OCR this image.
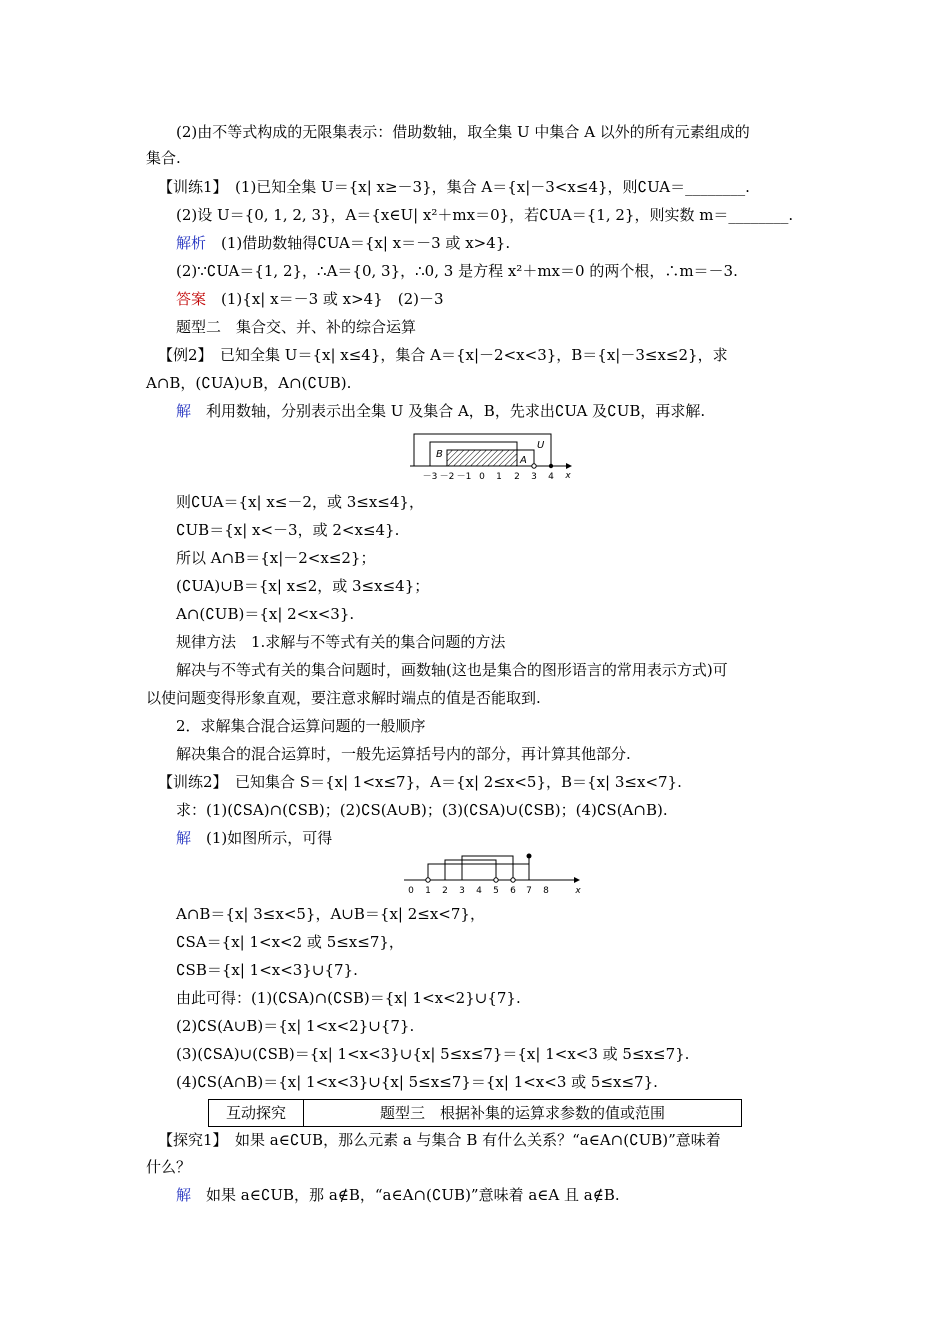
(2)由不等式构成的无限集表示：借助数轴，取全集 U 中集合 A 以外的所有元素组成的
集合.
【训练1】　(1)已知全集 U＝{x| x≥－3}，集合 A＝{x|－3<x≤4}，则∁UA＝________.
(2)设 U＝{0, 1, 2, 3}，A＝{x∈U| x²＋mx＝0}，若∁UA＝{1, 2}，则实数 m＝________.
解析　 (1)借助数轴得∁UA＝{x| x＝－3 或 x>4}.
(2)∵∁UA＝{1, 2}，∴A＝{0, 3}，∴0, 3 是方程 x²＋mx＝0 的两个根，∴m＝－3.
答案　 (1){x| x＝－3 或 x>4}　(2)－3
题型二　集合交、并、补的综合运算
【例2】　已知全集 U＝{x| x≤4}，集合 A＝{x|－2<x<3}，B＝{x|－3≤x≤2}，求
A∩B，(∁UA)∪B，A∩(∁UB).
解　 利用数轴，分别表示出全集 U 及集合 A，B，先求出∁UA 及∁UB，再求解.
B
A
U
－3 －2 －1 0 1 2 3 4 x
则∁UA＝{x| x≤－2，或 3≤x≤4}，
∁UB＝{x| x<－3，或 2<x≤4}.
所以 A∩B＝{x|－2<x≤2}；
(∁UA)∪B＝{x| x≤2，或 3≤x≤4}；
A∩(∁UB)＝{x| 2<x<3}.
规律方法　1.求解与不等式有关的集合问题的方法
解决与不等式有关的集合问题时，画数轴(这也是集合的图形语言的常用表示方式)可
以使问题变得形象直观，要注意求解时端点的值是否能取到.
2．求解集合混合运算问题的一般顺序
解决集合的混合运算时，一般先运算括号内的部分，再计算其他部分.
【训练2】　已知集合 S＝{x| 1<x≤7}，A＝{x| 2≤x<5}，B＝{x| 3≤x<7}.
求：(1)(∁SA)∩(∁SB)；(2)∁S(A∪B)；(3)(∁SA)∪(∁SB)；(4)∁S(A∩B).
解　 (1)如图所示，可得
0 1 2 3 4 5 6 7 8	x
A∩B＝{x| 3≤x<5}，A∪B＝{x| 2≤x<7}，
∁SA＝{x| 1<x<2 或 5≤x≤7}，
∁SB＝{x| 1<x<3}∪{7}.
由此可得：(1)(∁SA)∩(∁SB)＝{x| 1<x<2}∪{7}.
(2)∁S(A∪B)＝{x| 1<x<2}∪{7}.
(3)(∁SA)∪(∁SB)＝{x| 1<x<3}∪{x| 5≤x≤7}＝{x| 1<x<3 或 5≤x≤7}.
(4)∁S(A∩B)＝{x| 1<x<3}∪{x| 5≤x≤7}＝{x| 1<x<3 或 5≤x≤7}.
互动探究	题型三　根据补集的运算求参数的值或范围
【探究1】　如果 a∈∁UB，那么元素 a 与集合 B 有什么关系？“a∈A∩(∁UB)”意味着
什么？
解　 如果 a∈∁UB，那 a∉B，“a∈A∩(∁UB)”意味着 a∈A 且 a∉B.
